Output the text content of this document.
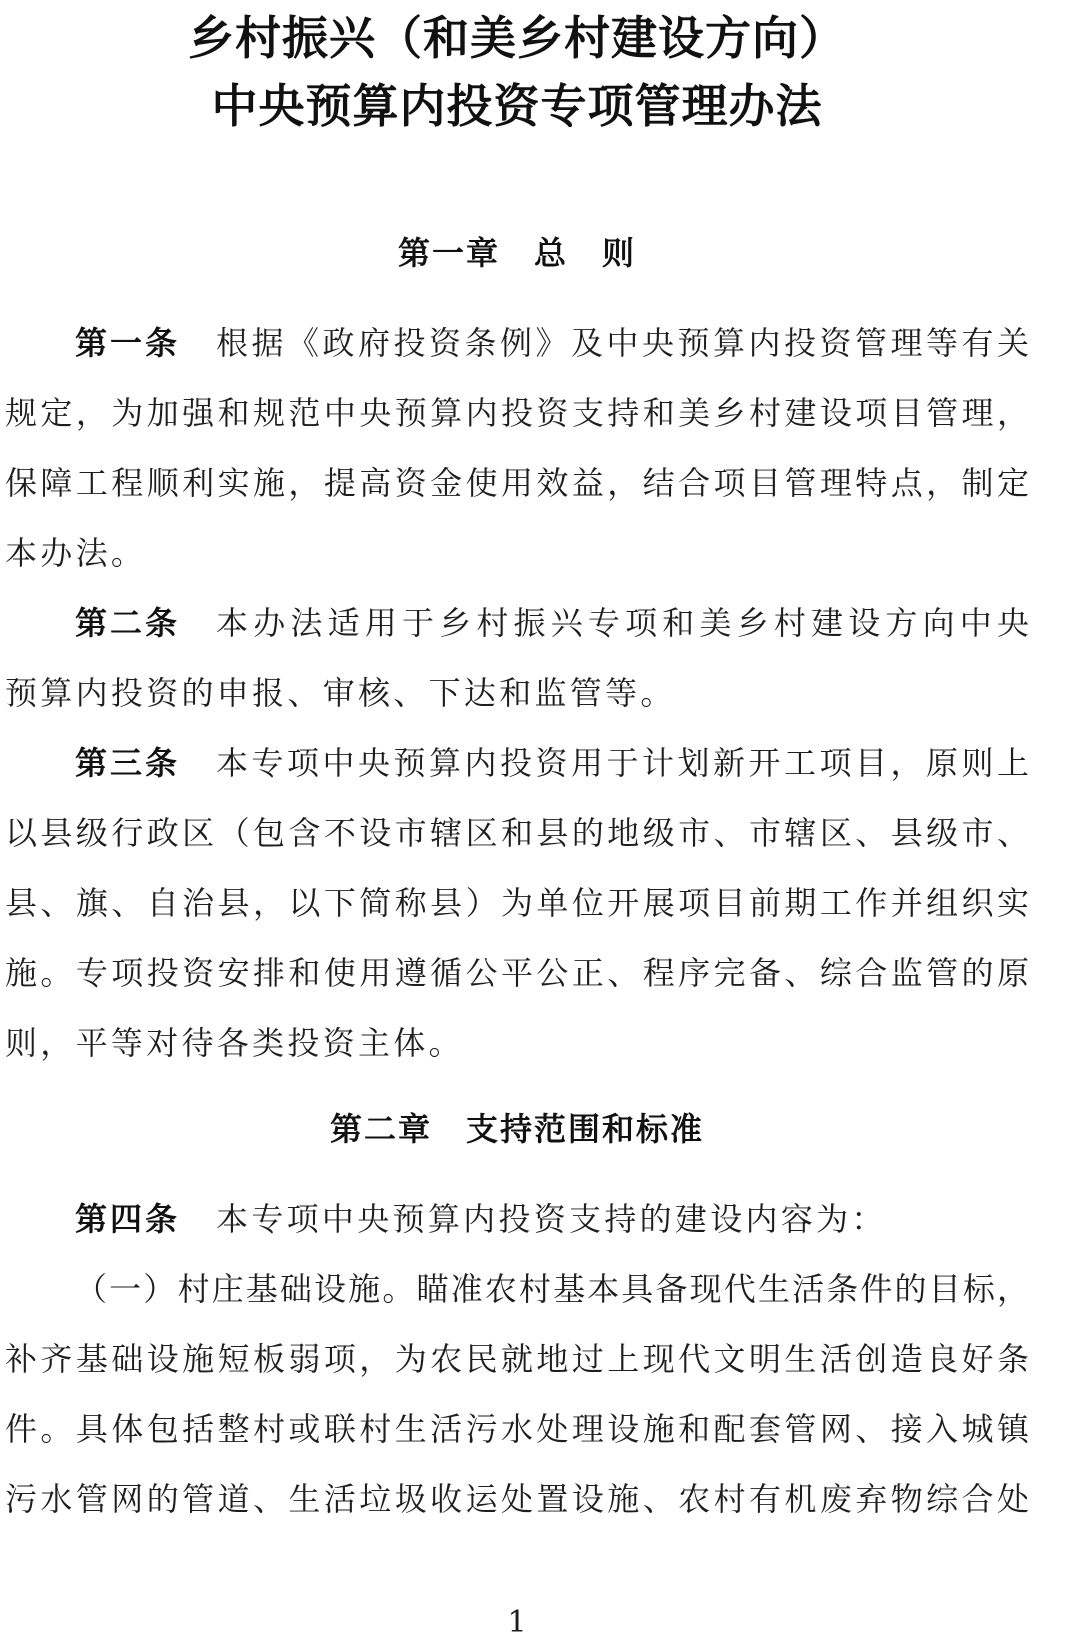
乡村振兴（和美乡村建设方向）
中央预算内投资专项管理办法
第一章　总　则
第一条 根据《政府投资条例》及中央预算内投资管理等有关
规定，为加强和规范中央预算内投资支持和美乡村建设项目管理，
保障工程顺利实施，提高资金使用效益，结合项目管理特点，制定
本办法。
第二条 本办法适用于乡村振兴专项和美乡村建设方向中央
预算内投资的申报、审核、下达和监管等。
第三条 本专项中央预算内投资用于计划新开工项目，原则上
以县级行政区（包含不设市辖区和县的地级市、市辖区、县级市、
县、旗、自治县，以下简称县）为单位开展项目前期工作并组织实
施。专项投资安排和使用遵循公平公正、程序完备、综合监管的原
则，平等对待各类投资主体。
第二章　支持范围和标准
第四条 本专项中央预算内投资支持的建设内容为：
（一）村庄基础设施。瞄准农村基本具备现代生活条件的目标，
补齐基础设施短板弱项，为农民就地过上现代文明生活创造良好条
件。具体包括整村或联村生活污水处理设施和配套管网、接入城镇
污水管网的管道、生活垃圾收运处置设施、农村有机废弃物综合处
1
